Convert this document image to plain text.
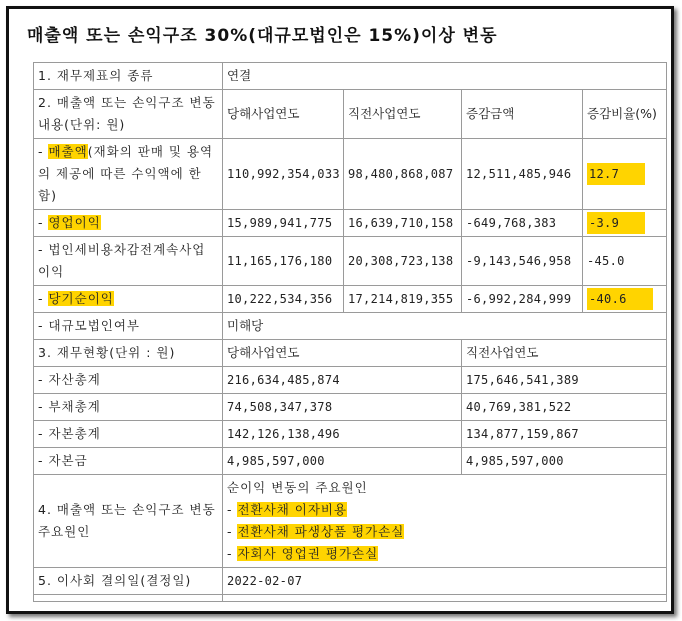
매출액 또는 손익구조 30%(대규모법인은 15%)이상 변동
1. 재무제표의 종류	연결			
2. 매출액 또는 손익구조 변동내용(단위: 원)	당해사업연도	직전사업연도	증감금액	증감비율(%)
- 매출액(재화의 판매 및 용역의 제공에 따른 수익액에 한함)	110,992,354,033	98,480,868,087	12,511,485,946	12.7
- 영업이익	15,989,941,775	16,639,710,158	-649,768,383	-3.9
- 법인세비용차감전계속사업이익	11,165,176,180	20,308,723,138	-9,143,546,958	-45.0
- 당기순이익	10,222,534,356	17,214,819,355	-6,992,284,999	-40.6
- 대규모법인여부	미해당			
3. 재무현황(단위 : 원)	당해사업연도		직전사업연도	
- 자산총계	216,634,485,874		175,646,541,389	
- 부채총계	74,508,347,378		40,769,381,522	
- 자본총계	142,126,138,496		134,877,159,867	
- 자본금	4,985,597,000		4,985,597,000	
4. 매출액 또는 손익구조 변동 주요원인	순이익 변동의 주요원인
- 전환사채 이자비용
- 전환사채 파생상품 평가손실
- 자회사 영업권 평가손실			

5. 이사회 결의일(결정일)	2022-02-07			
